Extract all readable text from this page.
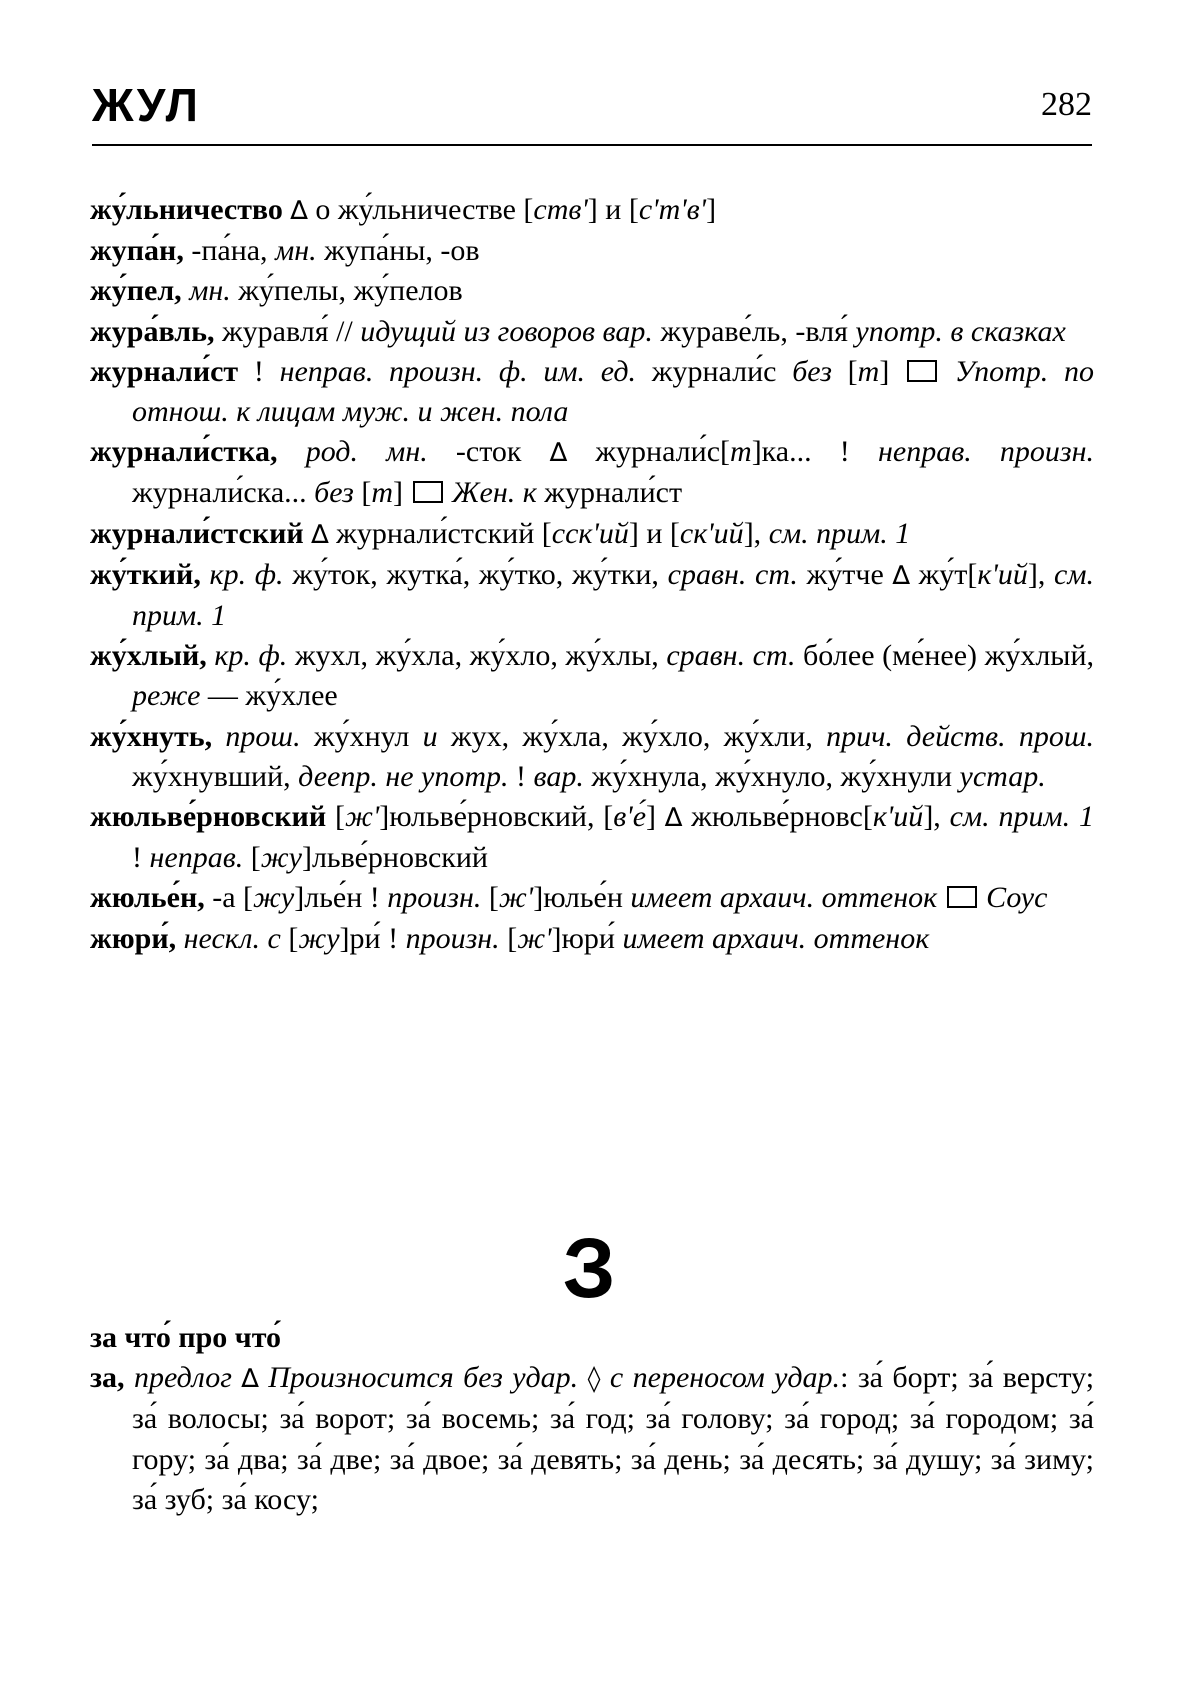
ЖУЛ	282

жу́льничество ∆ о жу́льничестве [ств'] и [с'т'в']

жупа́н, -па́на, мн. жупа́ны, -ов

жу́пел, мн. жу́пелы, жу́пелов

жура́вль, журавля́ // идущий из говоров вар. жураве́ль, -вля́ употр. в сказках

журнали́ст ! неправ. произн. ф. им. ед. журнали́с без [т]  Употр. по отнош. к лицам муж. и жен. пола

журнали́стка, род. мн. -сток ∆ журнали́с[т]ка... ! неправ. произн. журнали́ска... без [т]  Жен. к журнали́ст

журнали́стский ∆ журнали́стский [сск'ий] и [ск'ий], см. прим. 1

жу́ткий, кр. ф. жу́ток, жутка́, жу́тко, жу́тки, сравн. ст. жу́тче ∆ жу́т[к'ий], см. прим. 1

жу́хлый, кр. ф. жухл, жу́хла, жу́хло, жу́хлы, сравн. ст. бо́лее (ме́нее) жу́хлый, реже — жу́хлее

жу́хнуть, прош. жу́хнул и жух, жу́хла, жу́хло, жу́хли, прич. действ. прош. жу́хнувший, деепр. не употр. ! вар. жу́хнула, жу́хнуло, жу́хнули устар.

жюльве́рновский [ж']юльве́рновский, [в'е́] ∆ жюльве́рновс[к'ий], см. прим. 1 ! неправ. [жу]льве́рновский

жюлье́н, -а [жу]лье́н ! произн. [ж']юлье́н имеет архаич. оттенок Соус

жюри́, нескл. с [жу]ри́ ! произн. [ж']юри́ имеет архаич. оттенок

З

за что́ про что́

за, предлог ∆ Произносится без удар. ◊ с переносом удар.: за́ борт; за́ версту; за́ волосы; за́ ворот; за́ восемь; за́ год; за́ голову; за́ город; за́ городом; за́ гору; за́ два; за́ две; за́ двое; за́ девять; за́ день; за́ десять; за́ душу; за́ зиму; за́ зуб; за́ косу;
